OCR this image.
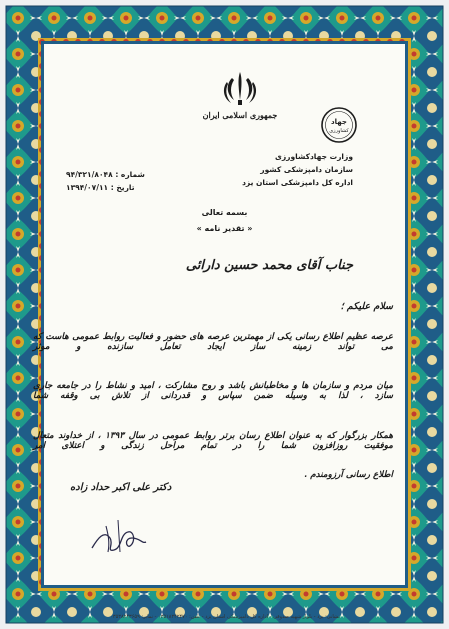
جمهوری اسلامی ایران
جهاد
کشاورزی
وزارت جهادکشاورزی
سازمان دامپزشکی کشور
اداره کل دامپزشکی استان یزد
شماره : ۹۴/۳۲۱/۸۰۴۸
تاریخ : ۱۳۹۴/۰۷/۱۱
بسمه تعالی
« تقدیر نامه »
جناب آقای محمد حسین دارائی
سلام علیکم ؛
عرصه عظیم اطلاع رسانی یکی از مهمترین عرصه های حضور و فعالیت روابط عمومی هاست که می تواند زمینه ساز ایجاد تعامل سازنده و موثر
میان مردم و سازمان ها و مخاطبانش باشد و روح مشارکت ، امید و نشاط را در جامعه جاری سازد ، لذا به وسیله ضمن سپاس و قدردانی از تلاش بی وقفه شما
همکار بزرگوار که به عنوان اطلاع رسان برتر روابط عمومی در سال ۱۳۹۳ ، از خداوند متعال موفقیت روزافزون شما را در تمام مراحل زندگی و اعتلای امر
اطلاع رسانی آرزومندم .
دکتر علی اکبر حداد زاده
نشانی: یزد - بلوار شهید صدوقی - اداره کل دامپزشکی استان یزد - تلفن: ۰۳۵۱۸۲۴۲۴۷۰ - نمابر: ۰۳۵۳۸۲۴۳۶۵۹
